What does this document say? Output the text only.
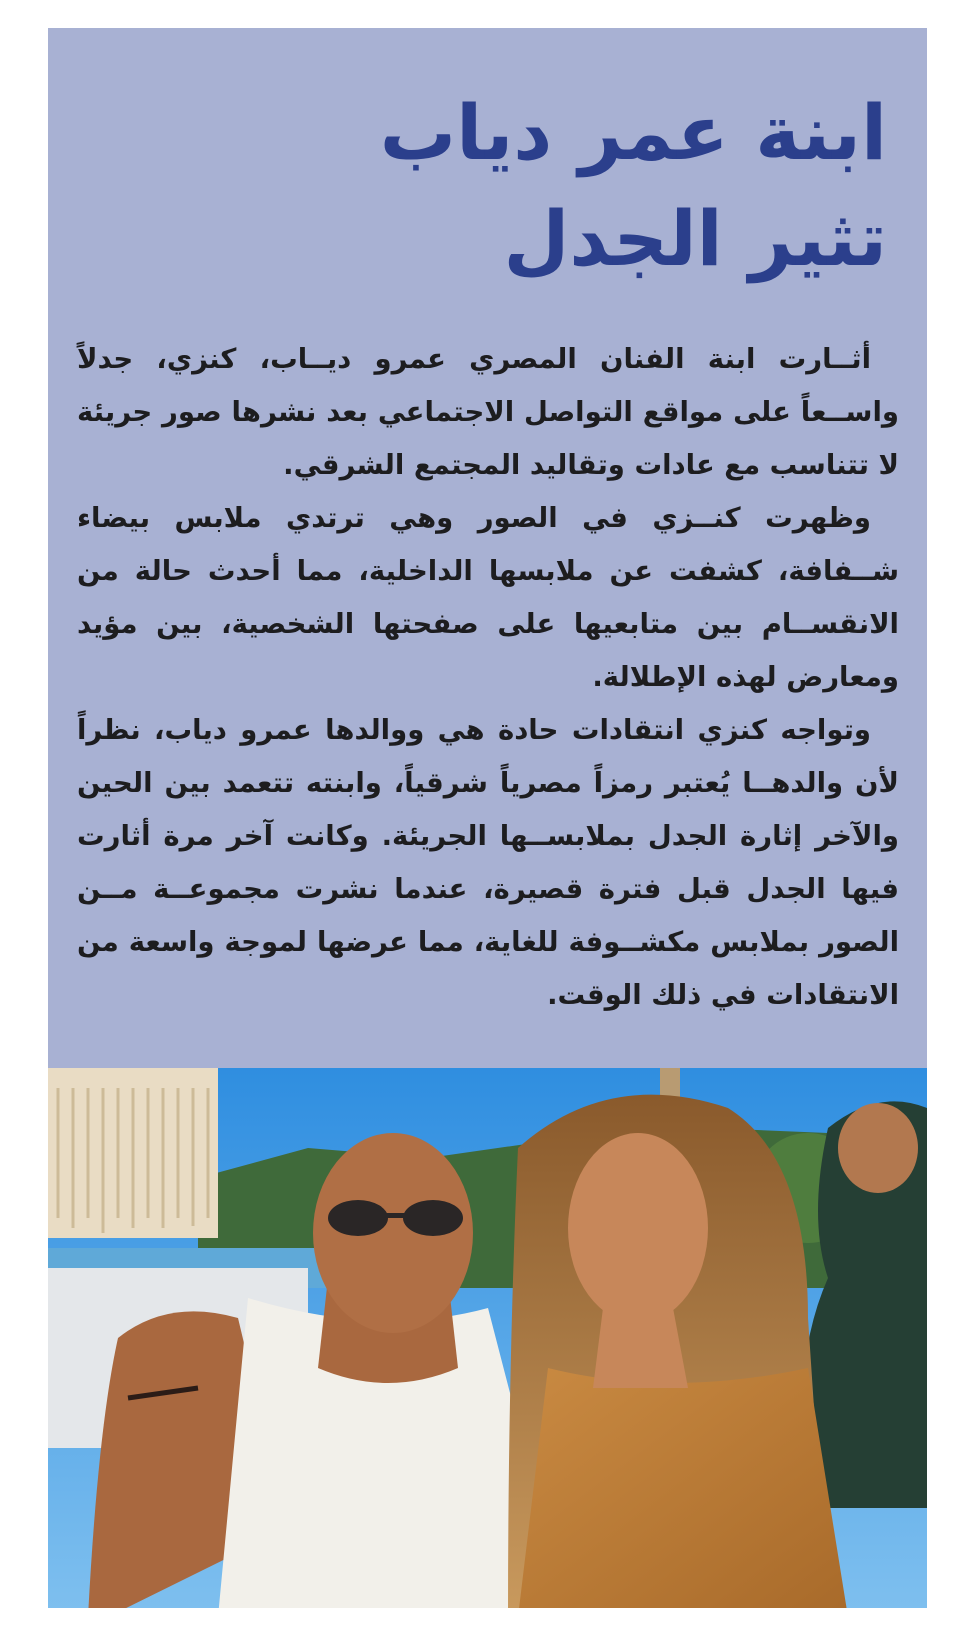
ابنة عمر دياب
تثير الجدل

أثــارت ابنة الفنان المصري عمرو ديــاب، كنزي، جدلاً واســعاً على مواقع التواصل الاجتماعي بعد نشرها صور جريئة لا تتناسب مع عادات وتقاليد المجتمع الشرقي.

وظهرت كنــزي في الصور وهي ترتدي ملابس بيضاء شــفافة، كشفت عن ملابسها الداخلية، مما أحدث حالة من الانقســام بين متابعيها على صفحتها الشخصية، بين مؤيد ومعارض لهذه الإطلالة.

وتواجه كنزي انتقادات حادة هي ووالدها عمرو دياب، نظراً لأن والدهــا يُعتبر رمزاً مصرياً شرقياً، وابنته تتعمد بين الحين والآخر إثارة الجدل بملابســها الجريئة. وكانت آخر مرة أثارت فيها الجدل قبل فترة قصيرة، عندما نشرت مجموعــة مــن الصور بملابس مكشــوفة للغاية، مما عرضها لموجة واسعة من الانتقادات في ذلك الوقت.
